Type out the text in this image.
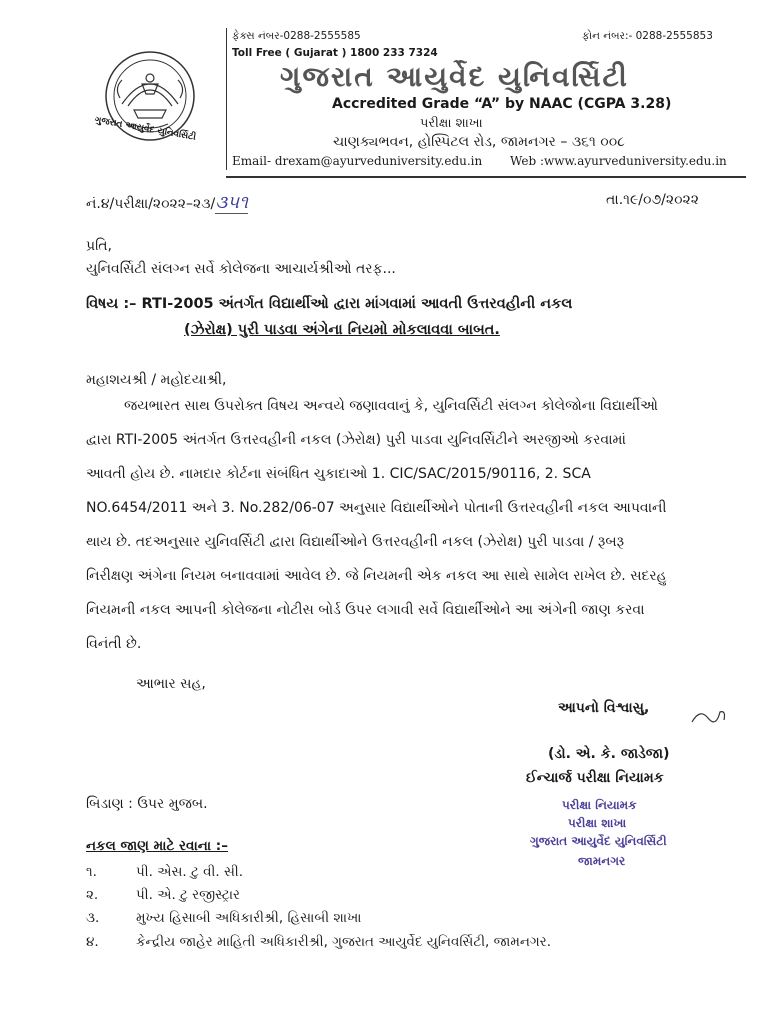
ફેક્સ નંબર-0288-2555585	ફોન નંબર:- 0288-2555853
Toll Free ( Gujarat ) 1800 233 7324
ગુજરાત આયુર્વેદ યુનિવર્સિટી
ગુજરાત આયુર્વેદ યુનિવર્સિટી
Accredited Grade “A” by NAAC (CGPA 3.28)
પરીક્ષા શાખા
ચાણક્યભવન, હોસ્પિટલ રોડ, જામનગર – ૩૬૧ ૦૦૮
Email- drexam@ayurveduniversity.edu.in Web :www.ayurveduniversity.edu.in
નં.૪/પરીક્ષા/૨૦૨૨–૨૩/૩૫૧	તા.૧૯/૦૭/૨૦૨૨
પ્રતિ,
યુનિવર્સિટી સંલગ્ન સર્વે કોલેજના આચાર્યશ્રીઓ તરફ...
વિષય :– RTI-2005 અંતર્ગત વિદ્યાર્થીઓ દ્વારા માંગવામાં આવતી ઉત્તરવહીની નકલ
(ઝેરોક્ષ) પુરી પાડવા અંગેના નિયમો મોકલાવવા બાબત.
મહાશયશ્રી / મહોદયાશ્રી,
જયભારત સાથ ઉપરોક્ત વિષય અન્વયે જણાવવાનું કે, યુનિવર્સિટી સંલગ્ન કોલેજોના વિદ્યાર્થીઓ
દ્વારા RTI-2005 અંતર્ગત ઉત્તરવહીની નકલ (ઝેરોક્ષ) પુરી પાડવા યુનિવર્સિટીને અરજીઓ કરવામાં
આવતી હોય છે. નામદાર કોર્ટના સંબંધિત ચુકાદાઓ 1. CIC/SAC/2015/90116, 2. SCA
NO.6454/2011 અને 3. No.282/06-07 અનુસાર વિદ્યાર્થીઓને પોતાની ઉત્તરવહીની નકલ આપવાની
થાય છે. તદઅનુસાર યુનિવર્સિટી દ્વારા વિદ્યાર્થીઓને ઉત્તરવહીની નકલ (ઝેરોક્ષ) પુરી પાડવા / રૂબરૂ
નિરીક્ષણ અંગેના નિયમ બનાવવામાં આવેલ છે. જે નિયમની એક નકલ આ સાથે સામેલ રાખેલ છે. સદરહુ
નિયમની નકલ આપની કોલેજના નોટીસ બોર્ડ ઉપર લગાવી સર્વે વિદ્યાર્થીઓને આ અંગેની જાણ કરવા
વિનંતી છે.
આભાર સહ,
આપનો વિશ્વાસુ,
(ડો. એ. કે. જાડેજા)
ઈન્ચાર્જ પરીક્ષા નિયામક
બિડાણ : ઉપર મુજબ.	પરીક્ષા નિયામક
પરીક્ષા શાખા
ગુજરાત આયુર્વેદ યુનિવર્સિટી
જામનગર
નકલ જાણ માટે રવાના :–
૧.	પી. એસ. ટુ વી. સી.
૨.	પી. એ. ટુ રજીસ્ટ્રાર
૩.	મુખ્ય હિસાબી અધિકારીશ્રી, હિસાબી શાખા
૪.	કેન્દ્રીય જાહેર માહિતી અધિકારીશ્રી, ગુજરાત આયુર્વેદ યુનિવર્સિટી, જામનગર.
